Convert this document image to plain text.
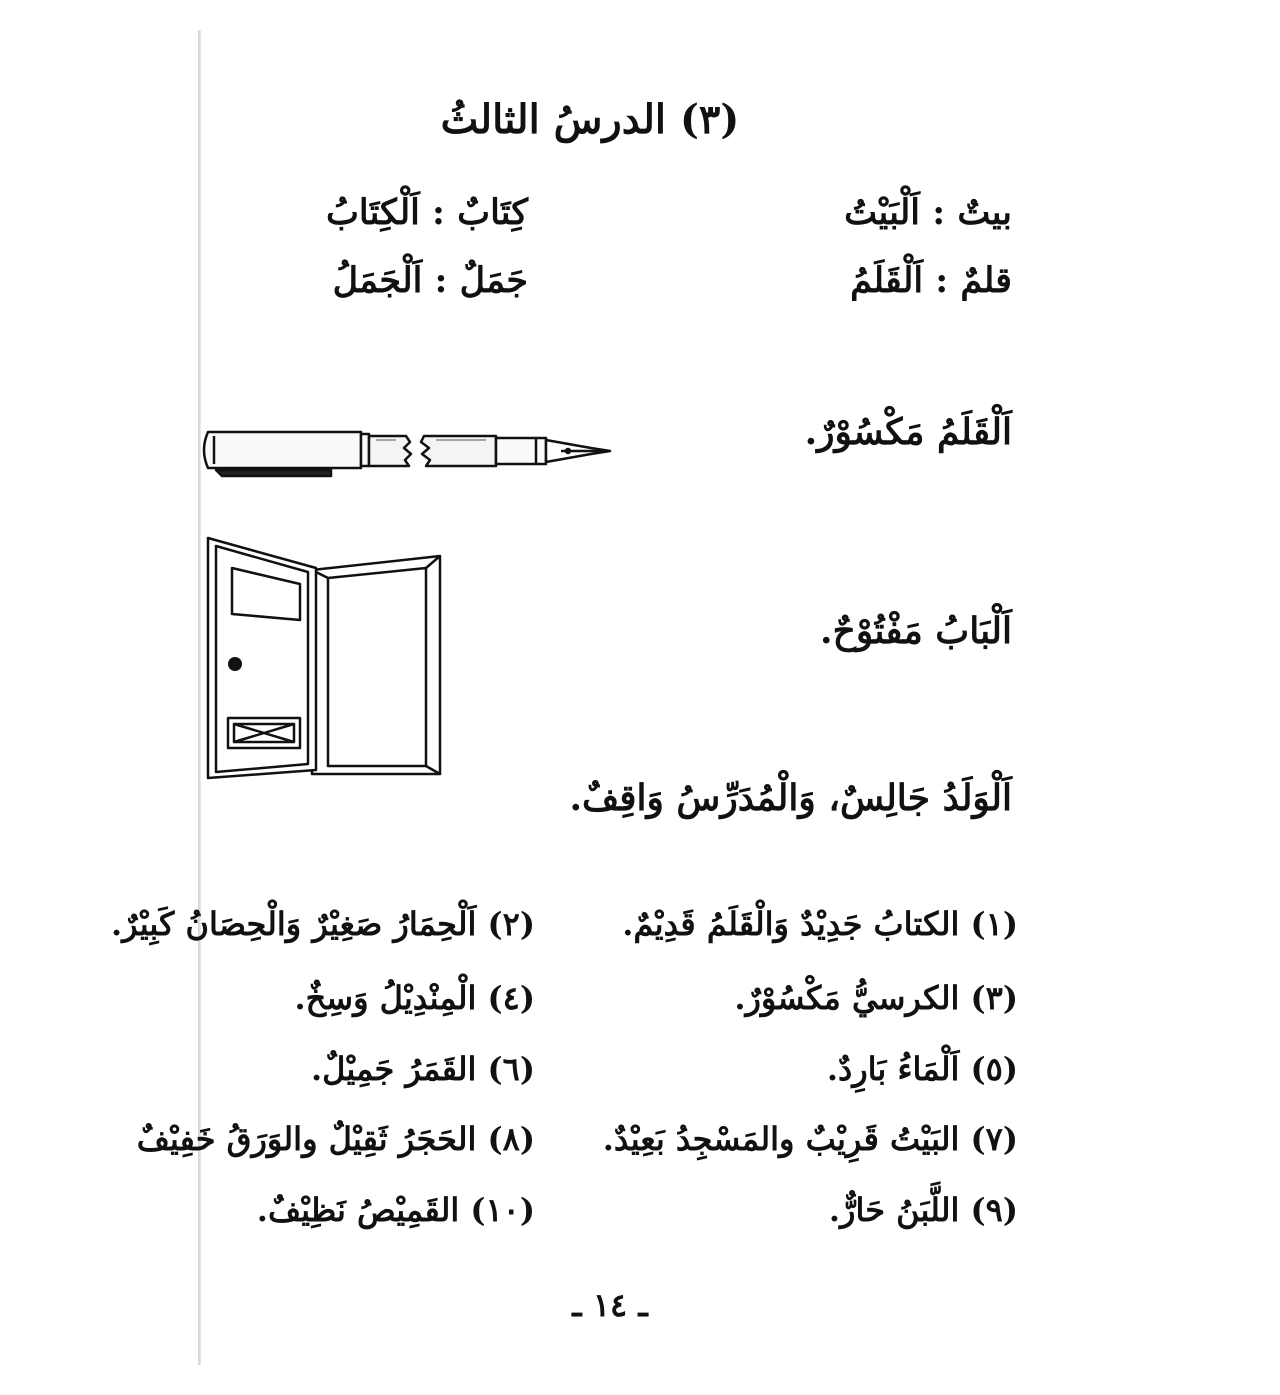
(٣) الدرسُ الثالثُ
بيتٌ : اَلْبَيْتُ
كِتَابٌ : اَلْكِتَابُ
قلمٌ : اَلْقَلَمُ
جَمَلٌ : اَلْجَمَلُ
اَلْقَلَمُ مَكْسُوْرٌ.
اَلْبَابُ مَفْتُوْحٌ.
اَلْوَلَدُ جَالِسٌ، وَالْمُدَرِّسُ وَاقِفٌ.
(١) الكتابُ جَدِيْدٌ وَالْقَلَمُ قَدِيْمٌ.
(٢) اَلْحِمَارُ صَغِيْرٌ وَالْحِصَانُ كَبِيْرٌ.
(٣) الكرسيُّ مَكْسُوْرٌ.
(٤) الْمِنْدِيْلُ وَسِخٌ.
(٥) اَلْمَاءُ بَارِدٌ.
(٦) القَمَرُ جَمِيْلٌ.
(٧) البَيْتُ قَرِيْبٌ والمَسْجِدُ بَعِيْدٌ.
(٨) الحَجَرُ ثَقِيْلٌ والوَرَقُ خَفِيْفٌ
(٩) اللَّبَنُ حَارٌّ.
(١٠) القَمِيْصُ نَظِيْفٌ.
ـ ١٤ ـ
